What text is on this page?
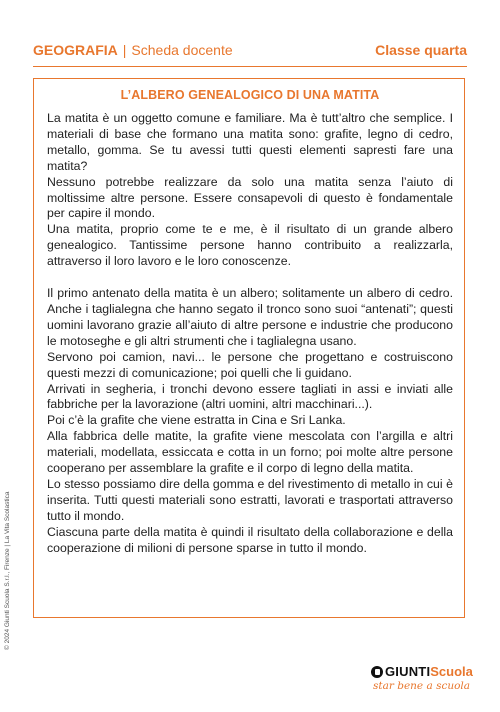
GEOGRAFIA | Scheda docente	Classe quarta
L’ALBERO GENEALOGICO DI UNA MATITA

La matita è un oggetto comune e familiare. Ma è tutt’altro che semplice. I materiali di base che formano una matita sono: grafite, legno di cedro, metallo, gomma. Se tu avessi tutti questi elementi sapresti fare una matita?

Nessuno potrebbe realizzare da solo una matita senza l’aiuto di moltissime altre persone. Essere consapevoli di questo è fondamentale per capire il mondo.

Una matita, proprio come te e me, è il risultato di un grande albero genealogico. Tantissime persone hanno contribuito a realizzarla, attraverso il loro lavoro e le loro conoscenze.

Il primo antenato della matita è un albero; solitamente un albero di cedro. Anche i taglialegna che hanno segato il tronco sono suoi “antenati”; questi uomini lavorano grazie all’aiuto di altre persone e industrie che producono le motoseghe e gli altri strumenti che i taglialegna usano.

Servono poi camion, navi... le persone che progettano e costruiscono questi mezzi di comunicazione; poi quelli che li guidano.

Arrivati in segheria, i tronchi devono essere tagliati in assi e inviati alle fabbriche per la lavorazione (altri uomini, altri macchinari...).

Poi c’è la grafite che viene estratta in Cina e Sri Lanka.

Alla fabbrica delle matite, la grafite viene mescolata con l’argilla e altri materiali, modellata, essiccata e cotta in un forno; poi molte altre persone cooperano per assemblare la grafite e il corpo di legno della matita.

Lo stesso possiamo dire della gomma e del rivestimento di metallo in cui è inserita. Tutti questi materiali sono estratti, lavorati e trasportati attraverso tutto il mondo.

Ciascuna parte della matita è quindi il risultato della collaborazione e della cooperazione di milioni di persone sparse in tutto il mondo.

© 2024 Giunti Scuola S.r.l., Firenze | La Vita Scolastica
GIUNTI Scuola
star bene a scuola
